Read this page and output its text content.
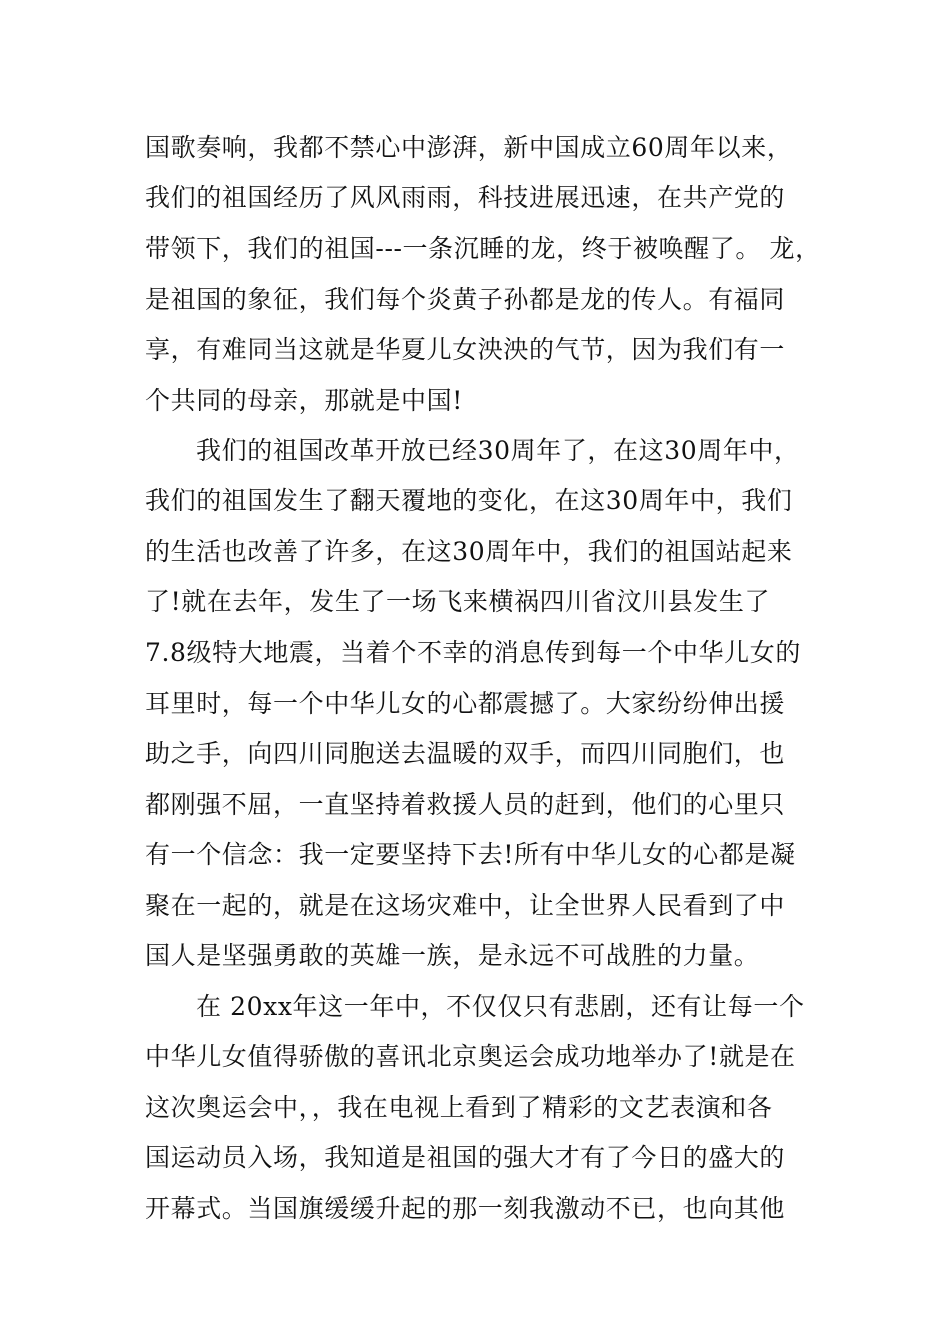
国歌奏响，我都不禁心中澎湃，新中国成立60周年以来，
我们的祖国经历了风风雨雨，科技进展迅速，在共产党的
带领下，我们的祖国---一条沉睡的龙，终于被唤醒了。 龙，
是祖国的象征，我们每个炎黄子孙都是龙的传人。有福同
享，有难同当这就是华夏儿女泱泱的气节，因为我们有一
个共同的母亲，那就是中国!
我们的祖国改革开放已经30周年了，在这30周年中，
我们的祖国发生了翻天覆地的变化，在这30周年中，我们
的生活也改善了许多，在这30周年中，我们的祖国站起来
了!就在去年，发生了一场飞来横祸四川省汶川县发生了
7.8级特大地震，当着个不幸的消息传到每一个中华儿女的
耳里时，每一个中华儿女的心都震撼了。大家纷纷伸出援
助之手，向四川同胞送去温暖的双手，而四川同胞们，也
都刚强不屈，一直坚持着救援人员的赶到，他们的心里只
有一个信念：我一定要坚持下去!所有中华儿女的心都是凝
聚在一起的，就是在这场灾难中，让全世界人民看到了中
国人是坚强勇敢的英雄一族，是永远不可战胜的力量。
在 20xx年这一年中，不仅仅只有悲剧，还有让每一个
中华儿女值得骄傲的喜讯北京奥运会成功地举办了!就是在
这次奥运会中，，我在电视上看到了精彩的文艺表演和各
国运动员入场，我知道是祖国的强大才有了今日的盛大的
开幕式。当国旗缓缓升起的那一刻我激动不已，也向其他
